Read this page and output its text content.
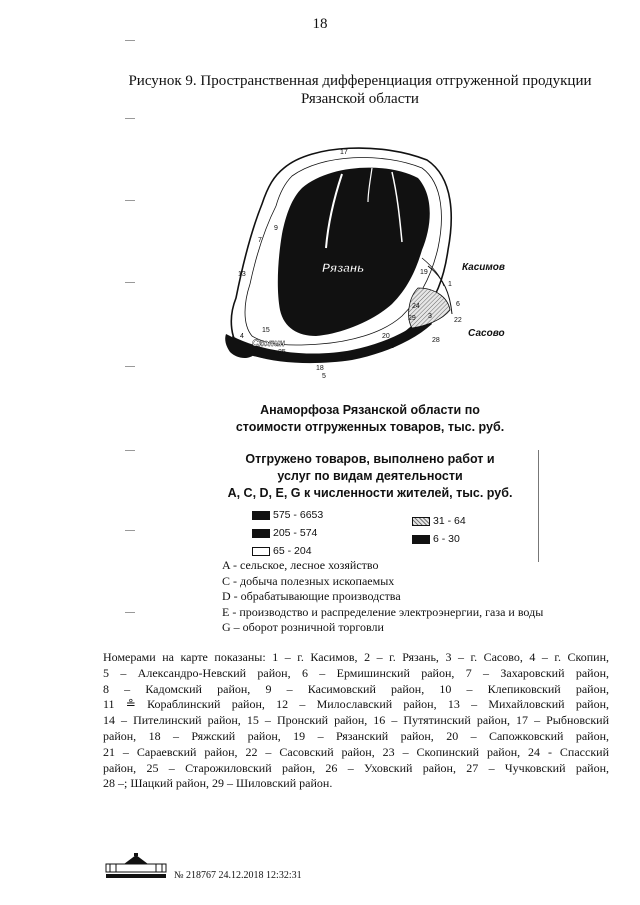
18
Рисунок 9. Пространственная дифференциация отгруженной продукции
Рязанской области
17
7
9
13	19
1
6
22
24
29 3
15
4
28
20
21
25
11
18
5
Рязань	Касимов
Сасово
Скопин
Анаморфоза Рязанской области по
стоимости отгруженных товаров, тыс. руб.
Отгружено товаров, выполнено работ и
услуг по видам деятельности
A, C, D, E, G к численности жителей, тыс. руб.
575 - 6653
205 - 574
65 - 204
31 - 64
6 - 30
A - сельское, лесное хозяйство
C - добыча полезных ископаемых
D - обрабатывающие производства
E - производство и распределение электроэнергии, газа и воды
G – оборот розничной торговли
Номерами на карте показаны: 1 – г. Касимов, 2 – г. Рязань, 3 – г. Сасово, 4 – г. Скопин,
5 – Александро-Невский район, 6 – Ермишинский район, 7 – Захаровский район,
8 – Кадомский район, 9 – Касимовский район, 10 – Клепиковский район,
11 ≗ Кораблинский район, 12 – Милославский район, 13 – Михайловский район,
14 – Пителинский район, 15 – Пронский район, 16 – Путятинский район, 17 – Рыбновский
район, 18 – Ряжский район, 19 – Рязанский район, 20 – Сапожковский район,
21 – Сараевский район, 22 – Сасовский район, 23 – Скопинский район, 24 - Спасский
район, 25 – Старожиловский район, 26 – Уховский район, 27 – Чучковский район,
28 –; Шацкий район, 29 – Шиловский район.
№ 218767 24.12.2018 12:32:31
